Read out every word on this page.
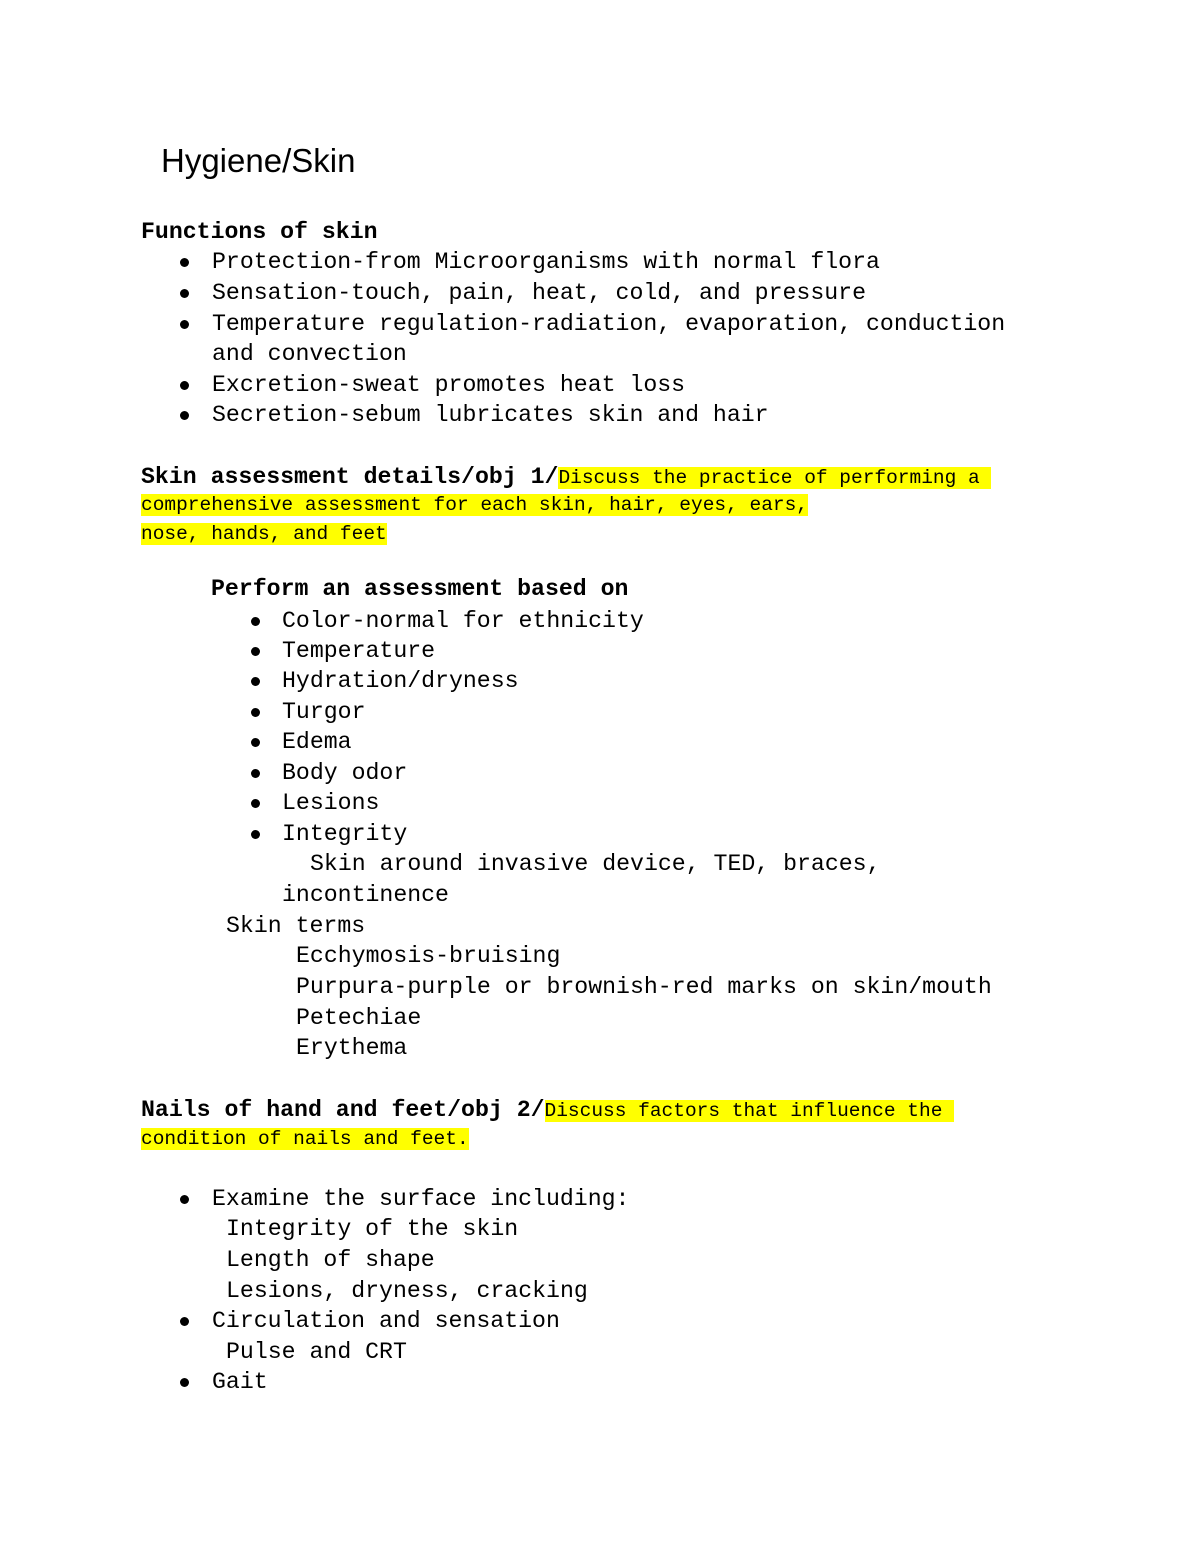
Hygiene/Skin
Functions of skin
Protection-from Microorganisms with normal flora
Sensation-touch, pain, heat, cold, and pressure
Temperature regulation-radiation, evaporation, conduction
and convection
Excretion-sweat promotes heat loss
Secretion-sebum lubricates skin and hair
Skin assessment details/obj 1/Discuss the practice of performing a
comprehensive assessment for each skin, hair, eyes, ears,
nose, hands, and feet
Perform an assessment based on
Color-normal for ethnicity
Temperature
Hydration/dryness
Turgor
Edema
Body odor
Lesions
Integrity
Skin around invasive device, TED, braces,
incontinence
Skin terms
Ecchymosis-bruising
Purpura-purple or brownish-red marks on skin/mouth
Petechiae
Erythema
Nails of hand and feet/obj 2/Discuss factors that influence the
condition of nails and feet.
Examine the surface including:
Integrity of the skin
Length of shape
Lesions, dryness, cracking
Circulation and sensation
Pulse and CRT
Gait
